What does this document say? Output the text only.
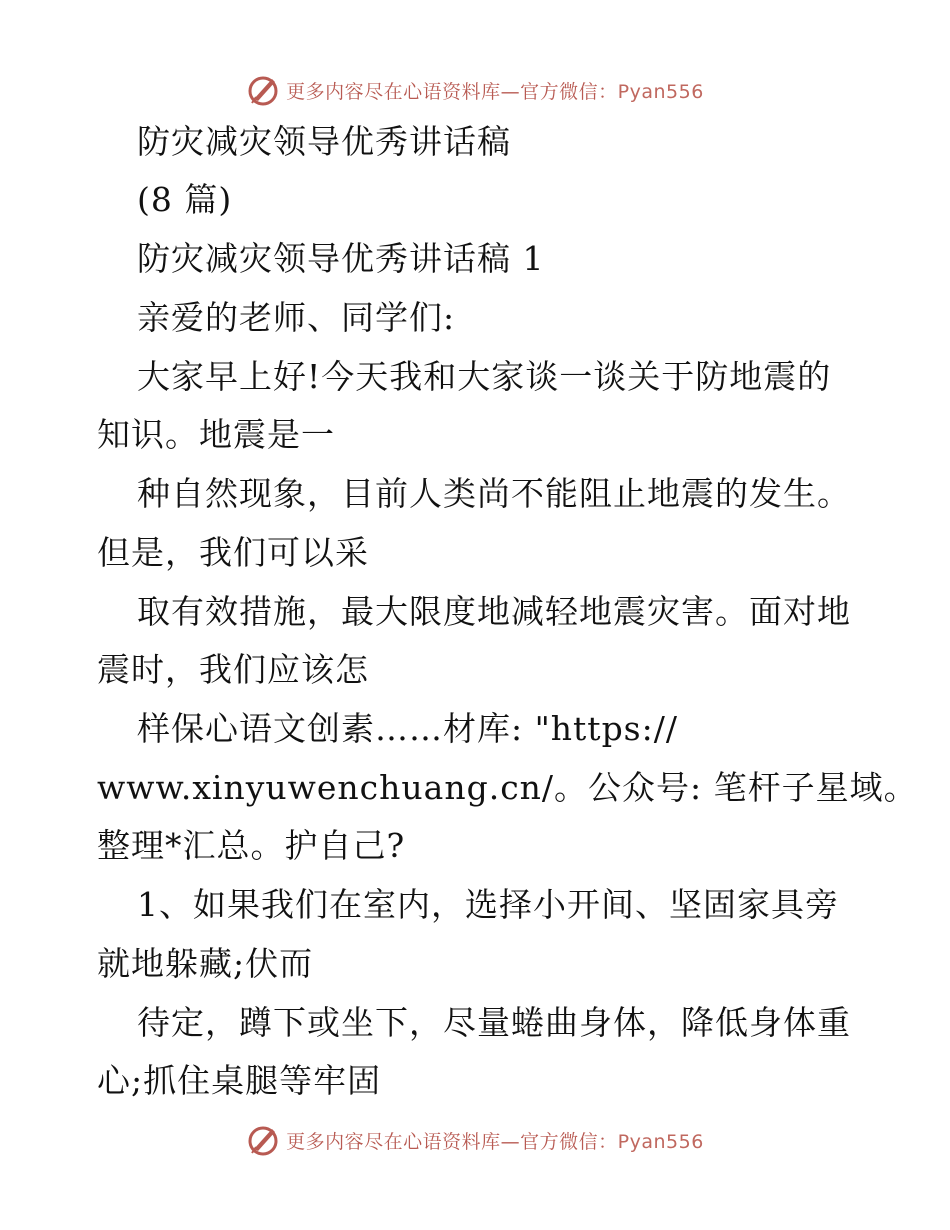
更多内容尽在心语资料库—官方微信：Pyan556
防灾减灾领导优秀讲话稿
(8 篇)
防灾减灾领导优秀讲话稿 1
亲爱的老师、同学们:
大家早上好!今天我和大家谈一谈关于防地震的
知识。地震是一
种自然现象，目前人类尚不能阻止地震的发生。
但是，我们可以采
取有效措施，最大限度地减轻地震灾害。面对地
震时，我们应该怎
样保心语文创素……材库: "https://
www.xinyuwenchuang.cn/。公众号: 笔杆子星域。
整理*汇总。护自己?
1、如果我们在室内，选择小开间、坚固家具旁
就地躲藏;伏而
待定，蹲下或坐下，尽量蜷曲身体，降低身体重
心;抓住桌腿等牢固
更多内容尽在心语资料库—官方微信：Pyan556
